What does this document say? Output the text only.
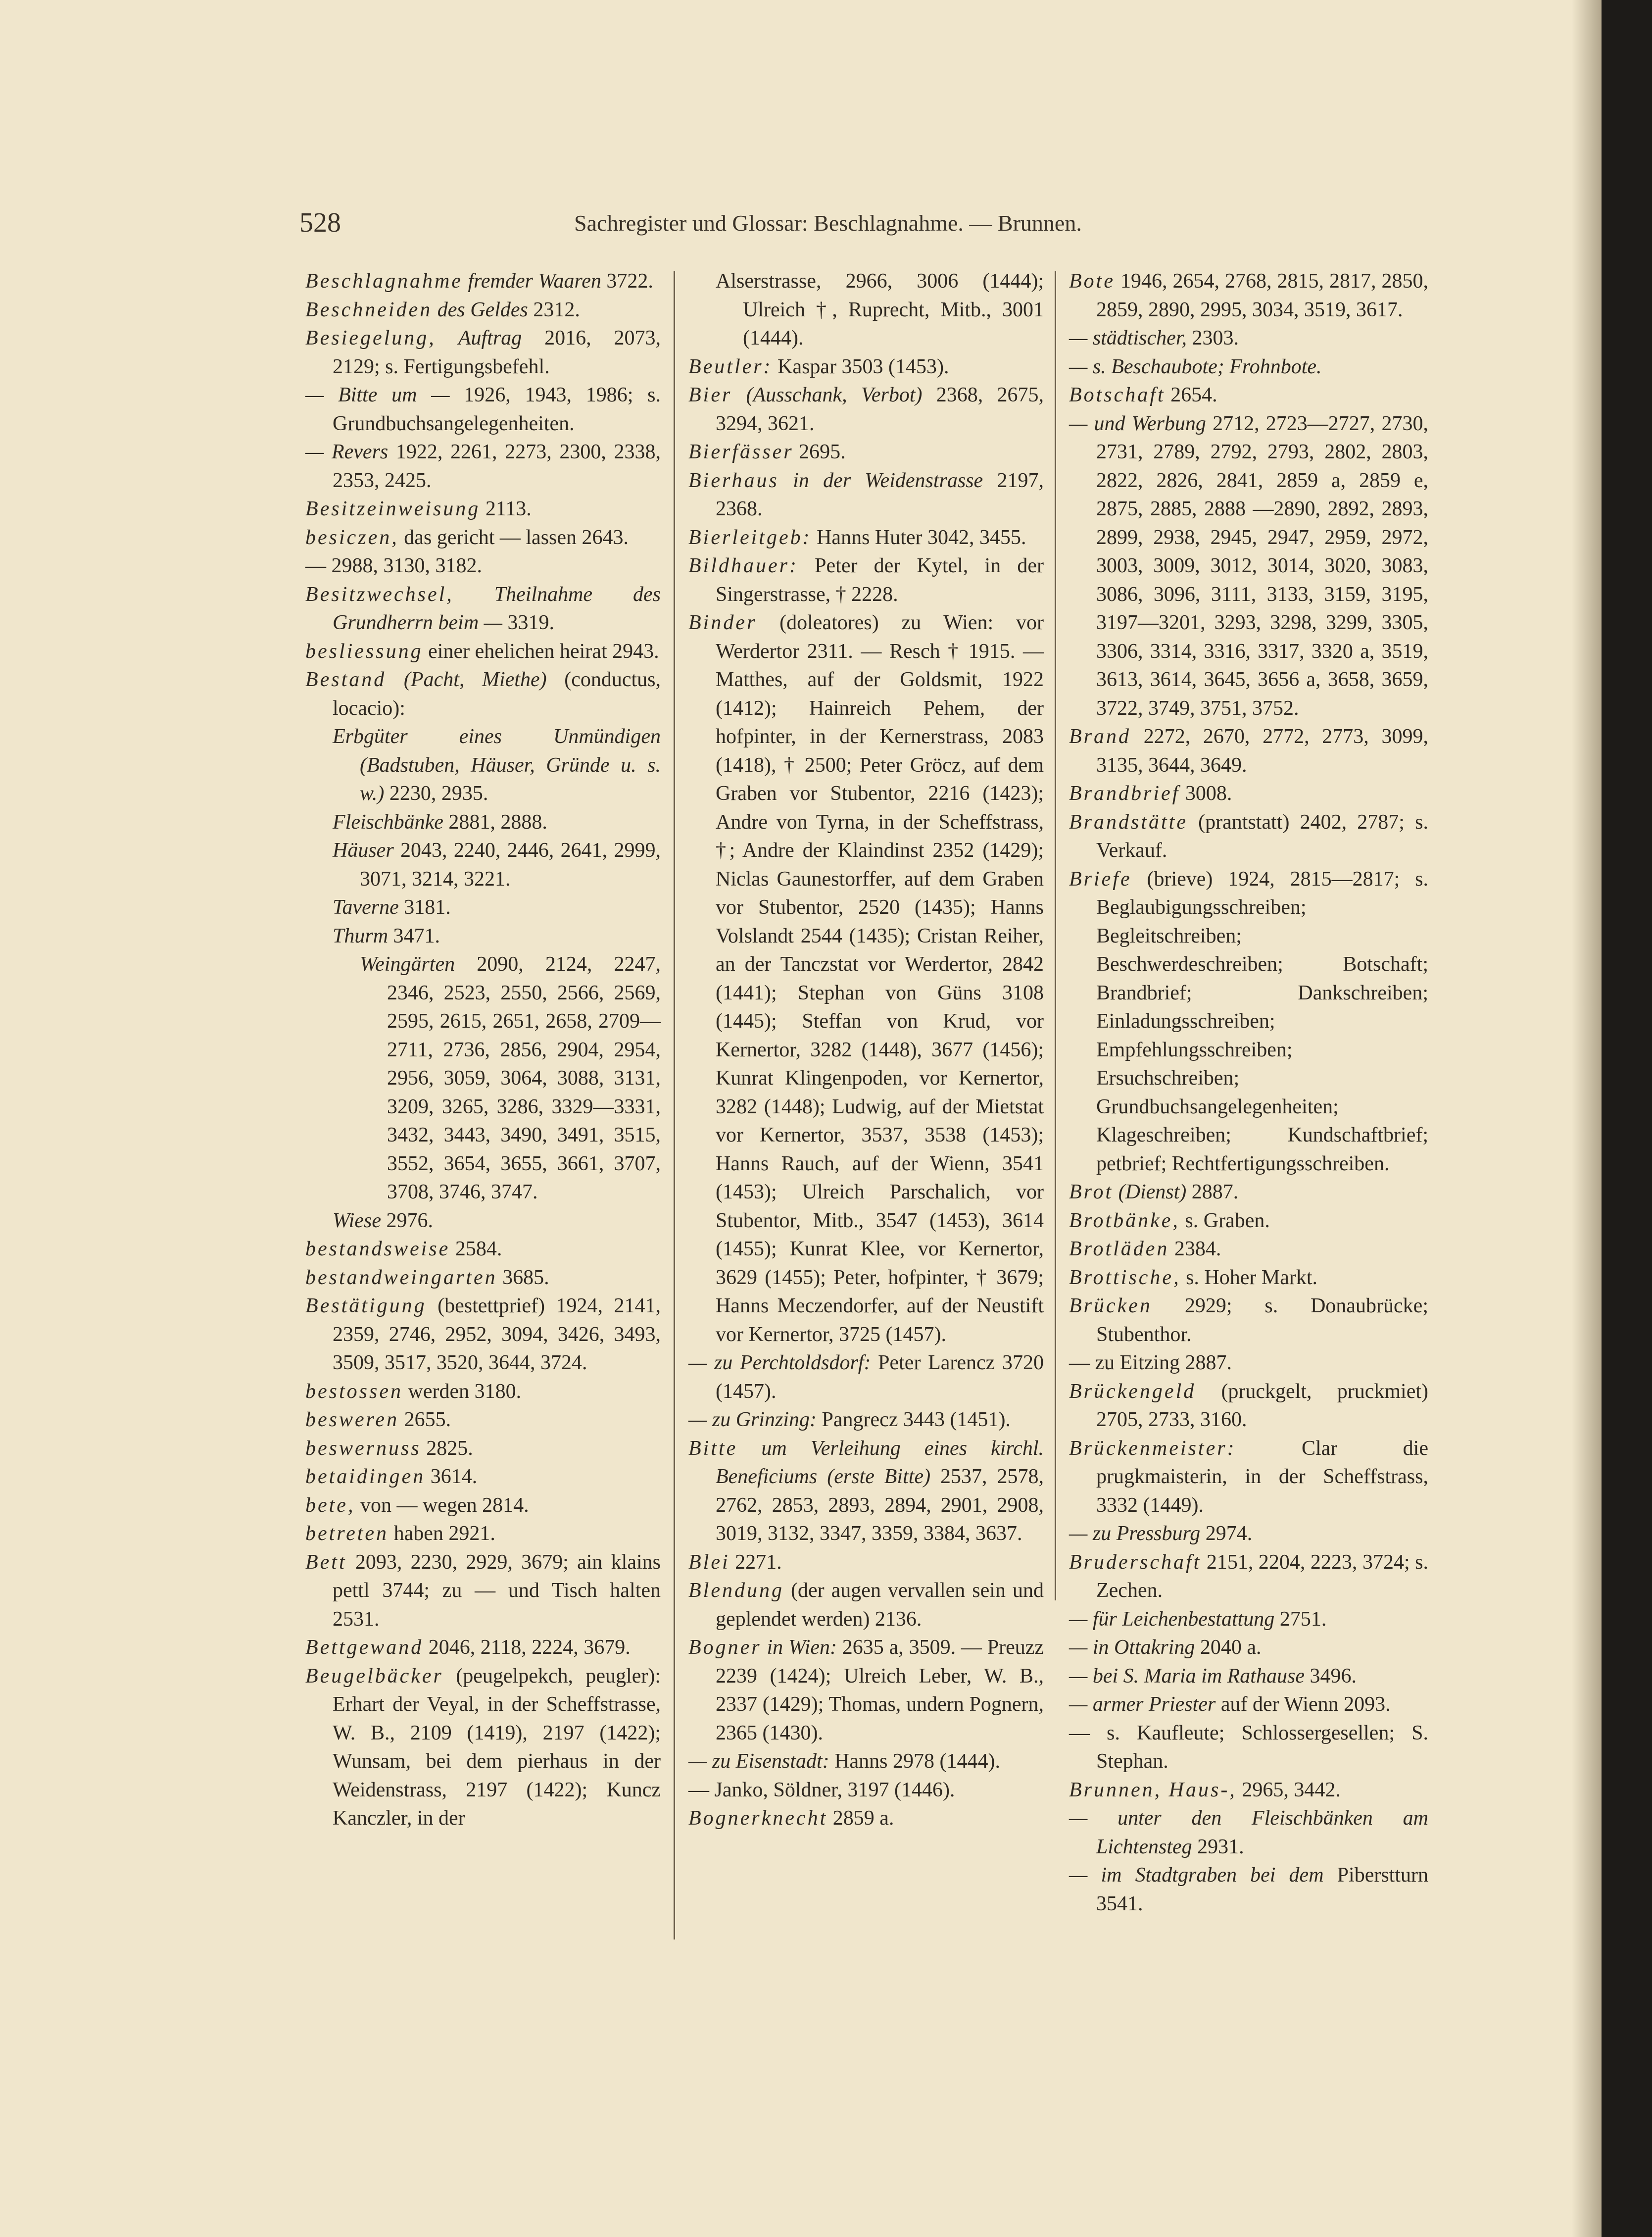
528	Sachregister und Glossar: Beschlagnahme. — Brunnen.
Beschlagnahme fremder Waaren 3722.
Beschneiden des Geldes 2312.
Besiegelung, Auftrag 2016, 2073, 2129; s. Fertigungsbefehl.
— Bitte um — 1926, 1943, 1986; s. Grundbuchsangelegenheiten.
— Revers 1922, 2261, 2273, 2300, 2338, 2353, 2425.
Besitzeinweisung 2113.
besiczen, das gericht — lassen 2643.
— 2988, 3130, 3182.
Besitzwechsel, Theilnahme des Grundherrn beim — 3319.
besliessung einer ehelichen heirat 2943.
Bestand (Pacht, Miethe) (conductus, locacio):
Erbgüter eines Unmündigen (Badstuben, Häuser, Gründe u. s. w.) 2230, 2935.
Fleischbänke 2881, 2888.
Häuser 2043, 2240, 2446, 2641, 2999, 3071, 3214, 3221.
Taverne 3181.
Thurm 3471.
Weingärten 2090, 2124, 2247, 2346, 2523, 2550, 2566, 2569, 2595, 2615, 2651, 2658, 2709—2711, 2736, 2856, 2904, 2954, 2956, 3059, 3064, 3088, 3131, 3209, 3265, 3286, 3329—3331, 3432, 3443, 3490, 3491, 3515, 3552, 3654, 3655, 3661, 3707, 3708, 3746, 3747.
Wiese 2976.
bestandsweise 2584.
bestandweingarten 3685.
Bestätigung (bestettprief) 1924, 2141, 2359, 2746, 2952, 3094, 3426, 3493, 3509, 3517, 3520, 3644, 3724.
bestossen werden 3180.
besweren 2655.
beswernuss 2825.
betaidingen 3614.
bete, von — wegen 2814.
betreten haben 2921.
Bett 2093, 2230, 2929, 3679; ain klains pettl 3744; zu — und Tisch halten 2531.
Bettgewand 2046, 2118, 2224, 3679.
Beugelbäcker (peugelpekch, peugler): Erhart der Veyal, in der Scheffstrasse, W. B., 2109 (1419), 2197 (1422); Wunsam, bei dem pierhaus in der Weidenstrass, 2197 (1422); Kuncz Kanczler, in der
Alserstrasse, 2966, 3006 (1444); Ulreich †, Ruprecht, Mitb., 3001 (1444).
Beutler: Kaspar 3503 (1453).
Bier (Ausschank, Verbot) 2368, 2675, 3294, 3621.
Bierfässer 2695.
Bierhaus in der Weidenstrasse 2197, 2368.
Bierleitgeb: Hanns Huter 3042, 3455.
Bildhauer: Peter der Kytel, in der Singerstrasse, † 2228.
Binder (doleatores) zu Wien: vor Werdertor 2311. — Resch † 1915. — Matthes, auf der Goldsmit, 1922 (1412); Hainreich Pehem, der hofpinter, in der Kernerstrass, 2083 (1418), † 2500; Peter Gröcz, auf dem Graben vor Stubentor, 2216 (1423); Andre von Tyrna, in der Scheffstrass, †; Andre der Klaindinst 2352 (1429); Niclas Gaunestorffer, auf dem Graben vor Stubentor, 2520 (1435); Hanns Volslandt 2544 (1435); Cristan Reiher, an der Tanczstat vor Werdertor, 2842 (1441); Stephan von Güns 3108 (1445); Steffan von Krud, vor Kernertor, 3282 (1448), 3677 (1456); Kunrat Klingenpoden, vor Kernertor, 3282 (1448); Ludwig, auf der Mietstat vor Kernertor, 3537, 3538 (1453); Hanns Rauch, auf der Wienn, 3541 (1453); Ulreich Parschalich, vor Stubentor, Mitb., 3547 (1453), 3614 (1455); Kunrat Klee, vor Kernertor, 3629 (1455); Peter, hofpinter, † 3679; Hanns Meczendorfer, auf der Neustift vor Kernertor, 3725 (1457).
— zu Perchtoldsdorf: Peter Larencz 3720 (1457).
— zu Grinzing: Pangrecz 3443 (1451).
Bitte um Verleihung eines kirchl. Beneficiums (erste Bitte) 2537, 2578, 2762, 2853, 2893, 2894, 2901, 2908, 3019, 3132, 3347, 3359, 3384, 3637.
Blei 2271.
Blendung (der augen vervallen sein und geplendet werden) 2136.
Bogner in Wien: 2635 a, 3509. — Preuzz 2239 (1424); Ulreich Leber, W. B., 2337 (1429); Thomas, undern Pognern, 2365 (1430).
— zu Eisenstadt: Hanns 2978 (1444).
— Janko, Söldner, 3197 (1446).
Bognerknecht 2859 a.
Bote 1946, 2654, 2768, 2815, 2817, 2850, 2859, 2890, 2995, 3034, 3519, 3617.
— städtischer, 2303.
— s. Beschaubote; Frohnbote.
Botschaft 2654.
— und Werbung 2712, 2723—2727, 2730, 2731, 2789, 2792, 2793, 2802, 2803, 2822, 2826, 2841, 2859 a, 2859 e, 2875, 2885, 2888 —2890, 2892, 2893, 2899, 2938, 2945, 2947, 2959, 2972, 3003, 3009, 3012, 3014, 3020, 3083, 3086, 3096, 3111, 3133, 3159, 3195, 3197—3201, 3293, 3298, 3299, 3305, 3306, 3314, 3316, 3317, 3320 a, 3519, 3613, 3614, 3645, 3656 a, 3658, 3659, 3722, 3749, 3751, 3752.
Brand 2272, 2670, 2772, 2773, 3099, 3135, 3644, 3649.
Brandbrief 3008.
Brandstätte (prantstatt) 2402, 2787; s. Verkauf.
Briefe (brieve) 1924, 2815—2817; s. Beglaubigungsschreiben; Begleitschreiben; Beschwerdeschreiben; Botschaft; Brandbrief; Dankschreiben; Einladungsschreiben; Empfehlungsschreiben; Ersuchschreiben; Grundbuchsangelegenheiten; Klageschreiben; Kundschaftbrief; petbrief; Rechtfertigungsschreiben.
Brot (Dienst) 2887.
Brotbänke, s. Graben.
Brotläden 2384.
Brottische, s. Hoher Markt.
Brücken 2929; s. Donaubrücke; Stubenthor.
— zu Eitzing 2887.
Brückengeld (pruckgelt, pruckmiet) 2705, 2733, 3160.
Brückenmeister: Clar die prugkmaisterin, in der Scheffstrass, 3332 (1449).
— zu Pressburg 2974.
Bruderschaft 2151, 2204, 2223, 3724; s. Zechen.
— für Leichenbestattung 2751.
— in Ottakring 2040 a.
— bei S. Maria im Rathause 3496.
— armer Priester auf der Wienn 2093.
— s. Kaufleute; Schlossergesellen; S. Stephan.
Brunnen, Haus-, 2965, 3442.
— unter den Fleischbänken am Lichtensteg 2931.
— im Stadtgraben bei dem Piberstturn 3541.
